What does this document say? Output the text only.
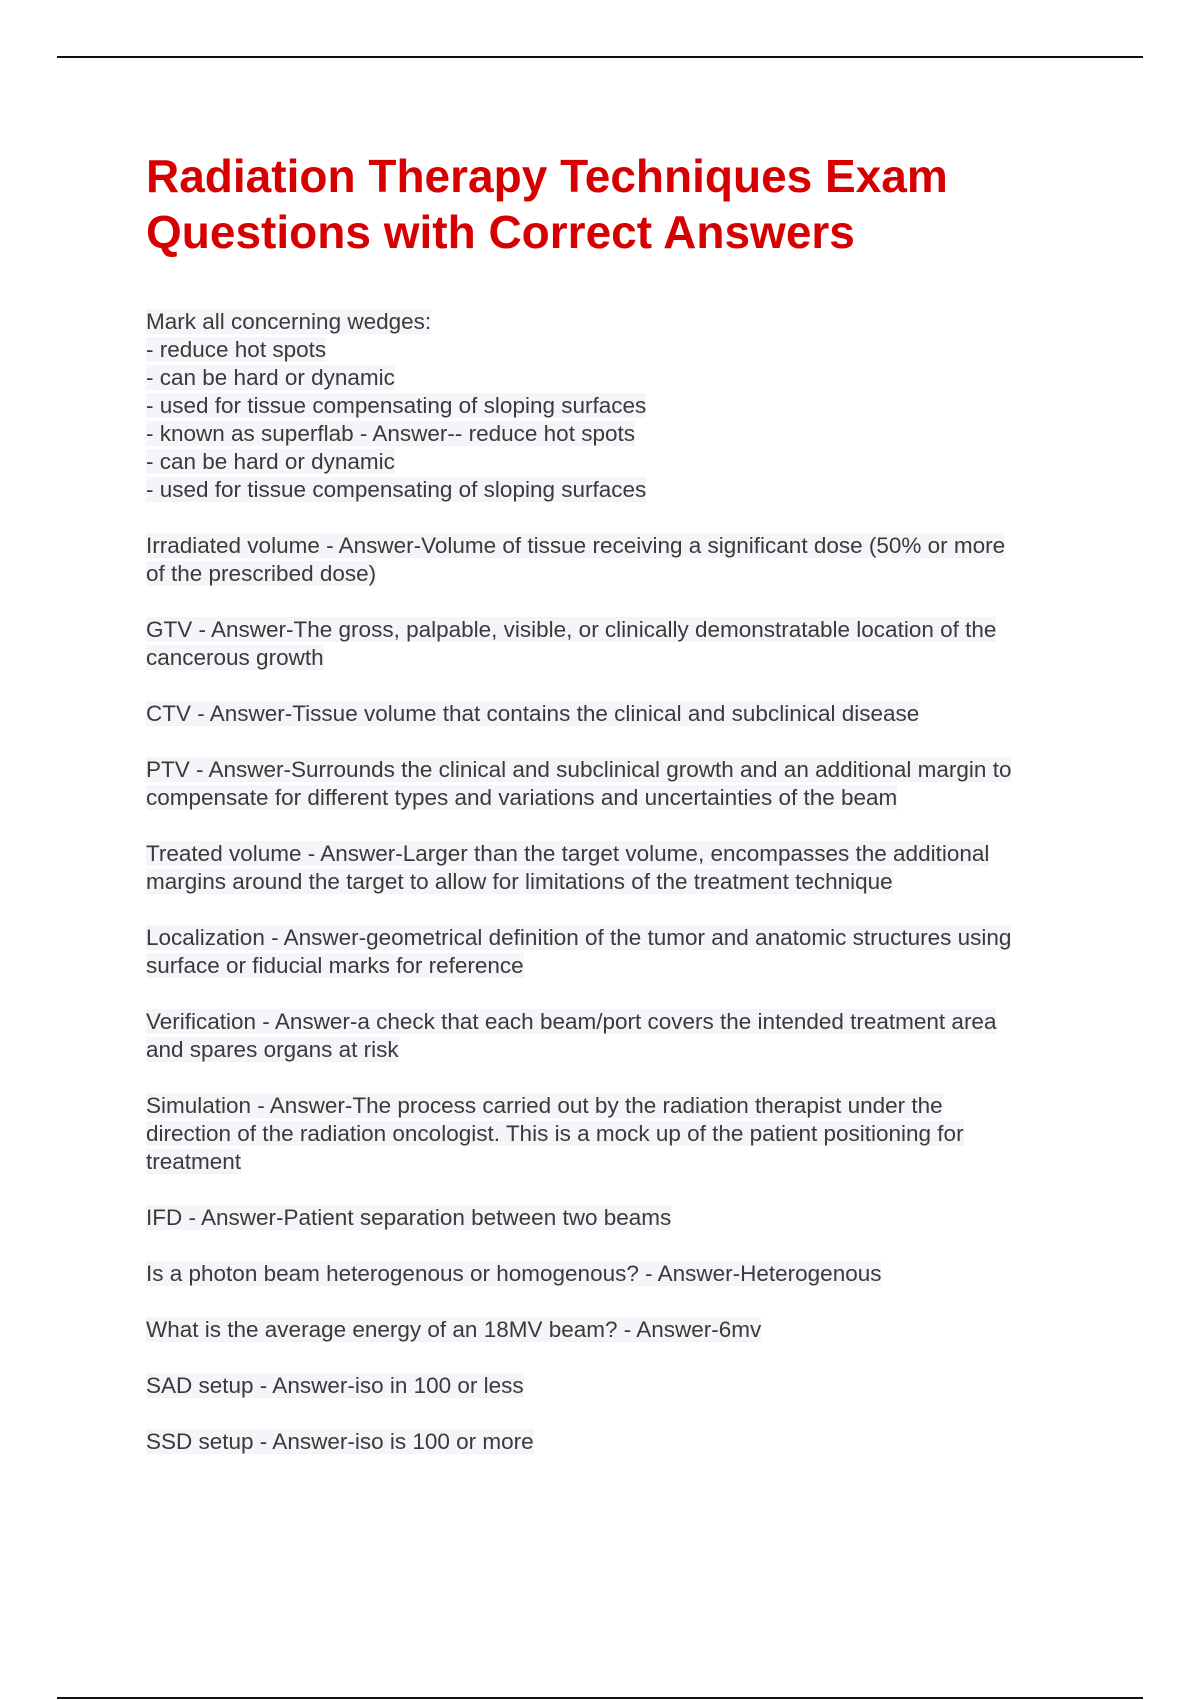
Radiation Therapy Techniques Exam
Questions with Correct Answers

Mark all concerning wedges:
- reduce hot spots
- can be hard or dynamic
- used for tissue compensating of sloping surfaces
- known as superflab - Answer-- reduce hot spots
- can be hard or dynamic
- used for tissue compensating of sloping surfaces

Irradiated volume - Answer-Volume of tissue receiving a significant dose (50% or more
of the prescribed dose)

GTV - Answer-The gross, palpable, visible, or clinically demonstratable location of the
cancerous growth

CTV - Answer-Tissue volume that contains the clinical and subclinical disease

PTV - Answer-Surrounds the clinical and subclinical growth and an additional margin to
compensate for different types and variations and uncertainties of the beam

Treated volume - Answer-Larger than the target volume, encompasses the additional
margins around the target to allow for limitations of the treatment technique

Localization - Answer-geometrical definition of the tumor and anatomic structures using
surface or fiducial marks for reference

Verification - Answer-a check that each beam/port covers the intended treatment area
and spares organs at risk

Simulation - Answer-The process carried out by the radiation therapist under the
direction of the radiation oncologist. This is a mock up of the patient positioning for
treatment

IFD - Answer-Patient separation between two beams

Is a photon beam heterogenous or homogenous? - Answer-Heterogenous

What is the average energy of an 18MV beam? - Answer-6mv

SAD setup - Answer-iso in 100 or less

SSD setup - Answer-iso is 100 or more
